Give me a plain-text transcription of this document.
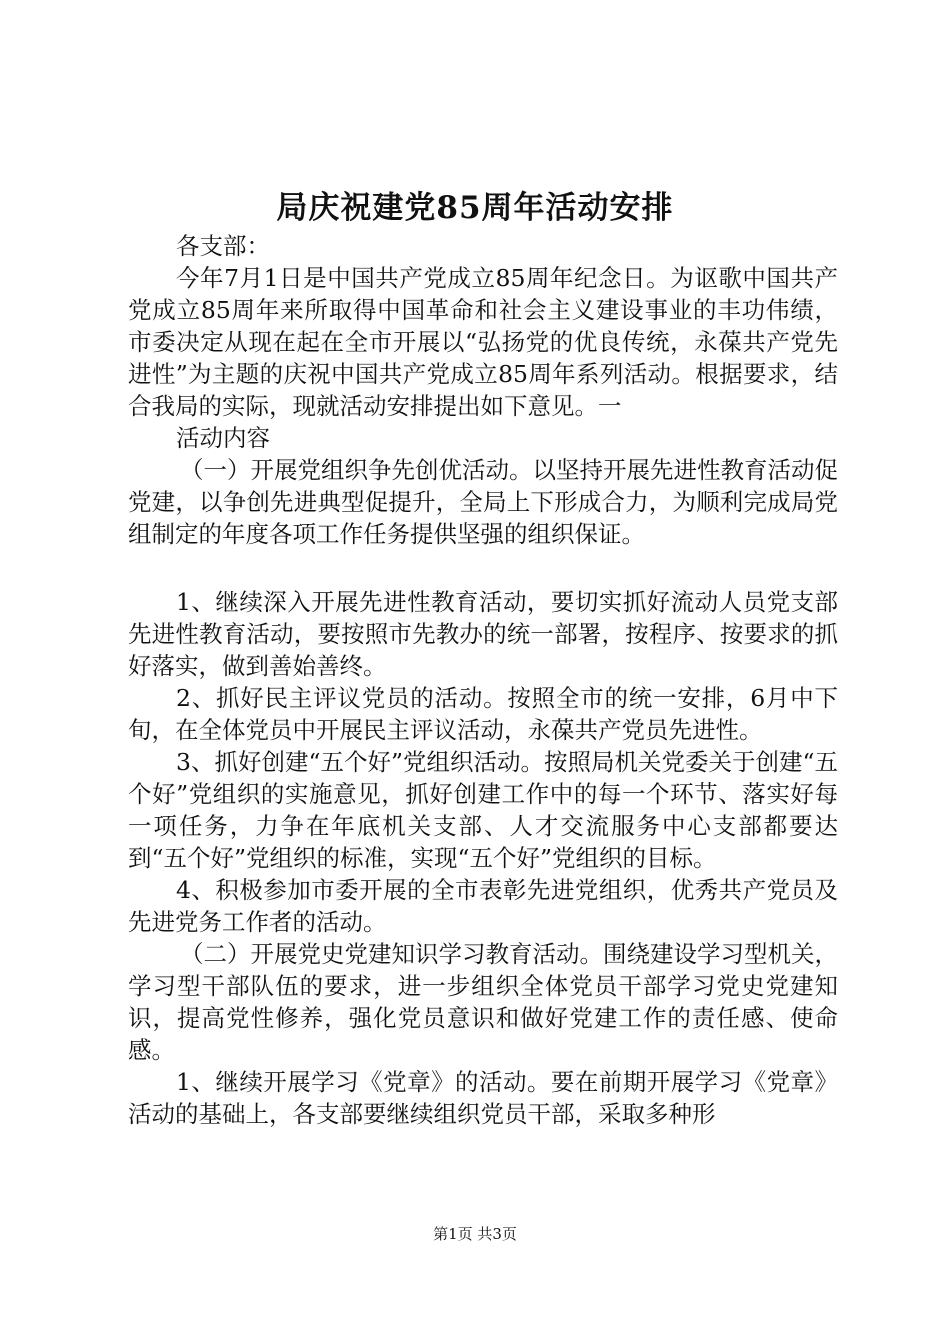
局庆祝建党85周年活动安排

各支部：

今年7月1日是中国共产党成立85周年纪念日。为讴歌中国共产党成立85周年来所取得中国革命和社会主义建设事业的丰功伟绩，市委决定从现在起在全市开展以“弘扬党的优良传统，永葆共产党先进性”为主题的庆祝中国共产党成立85周年系列活动。根据要求，结合我局的实际，现就活动安排提出如下意见。一

活动内容

（一）开展党组织争先创优活动。以坚持开展先进性教育活动促党建，以争创先进典型促提升，全局上下形成合力，为顺利完成局党组制定的年度各项工作任务提供坚强的组织保证。

1、继续深入开展先进性教育活动，要切实抓好流动人员党支部先进性教育活动，要按照市先教办的统一部署，按程序、按要求的抓好落实，做到善始善终。

2、抓好民主评议党员的活动。按照全市的统一安排，6月中下旬，在全体党员中开展民主评议活动，永葆共产党员先进性。

3、抓好创建“五个好”党组织活动。按照局机关党委关于创建“五个好”党组织的实施意见，抓好创建工作中的每一个环节、落实好每一项任务，力争在年底机关支部、人才交流服务中心支部都要达到“五个好”党组织的标准，实现“五个好”党组织的目标。

4、积极参加市委开展的全市表彰先进党组织，优秀共产党员及先进党务工作者的活动。

（二）开展党史党建知识学习教育活动。围绕建设学习型机关，学习型干部队伍的要求，进一步组织全体党员干部学习党史党建知识，提高党性修养，强化党员意识和做好党建工作的责任感、使命感。

1、继续开展学习《党章》的活动。要在前期开展学习《党章》活动的基础上，各支部要继续组织党员干部，采取多种形

第1页 共3页
